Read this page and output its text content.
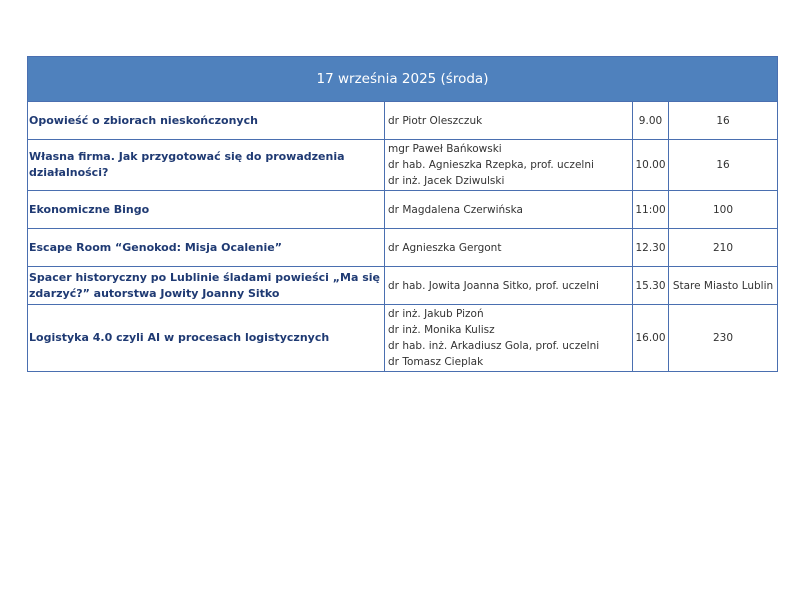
17 września 2025 (środa)			
Opowieść o zbiorach nieskończonych	dr Piotr Oleszczuk	9.00	16
Własna firma. Jak przygotować się do prowadzenia działalności?	mgr Paweł Bańkowski
dr hab. Agnieszka Rzepka, prof. uczelni
dr inż. Jacek Dziwulski	10.00	16
Ekonomiczne Bingo	dr Magdalena Czerwińska	11:00	100
Escape Room “Genokod: Misja Ocalenie”	dr Agnieszka Gergont	12.30	210
Spacer historyczny po Lublinie śladami powieści „Ma się zdarzyć?” autorstwa Jowity Joanny Sitko	dr hab. Jowita Joanna Sitko, prof. uczelni	15.30	Stare Miasto Lublin
Logistyka 4.0 czyli AI w procesach logistycznych	dr inż. Jakub Pizoń
dr inż. Monika Kulisz
dr hab. inż. Arkadiusz Gola, prof. uczelni
dr Tomasz Cieplak	16.00	230
